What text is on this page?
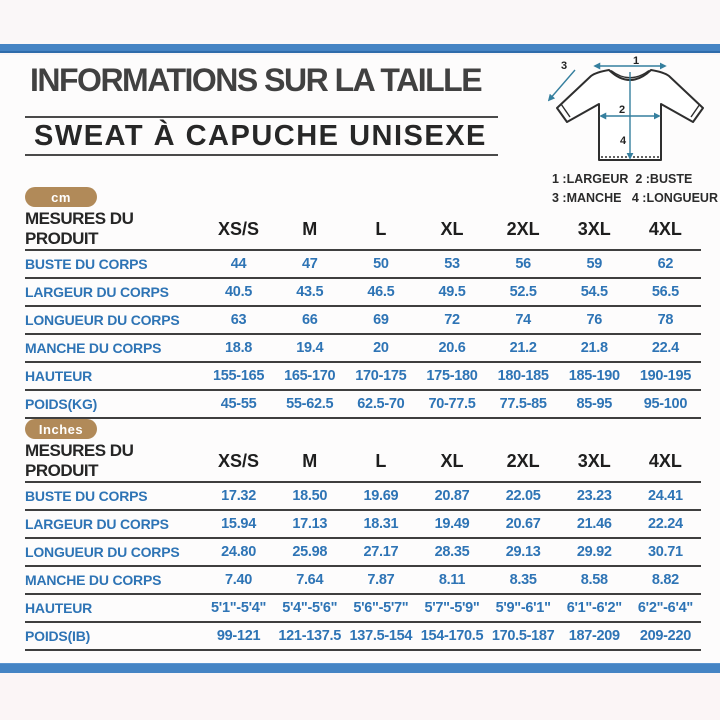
INFORMATIONS SUR LA TAILLE
SWEAT À CAPUCHE UNISEXE
1
2
3
4
1 :LARGEUR  2 :BUSTE
3 :MANCHE   4 :LONGUEUR
cm
MESURES DU PRODUIT	XS/S	M	L	XL	2XL	3XL	4XL
BUSTE DU CORPS	44	47	50	53	56	59	62
LARGEUR DU CORPS	40.5	43.5	46.5	49.5	52.5	54.5	56.5
LONGUEUR DU CORPS	63	66	69	72	74	76	78
MANCHE DU CORPS	18.8	19.4	20	20.6	21.2	21.8	22.4
HAUTEUR	155-165	165-170	170-175	175-180	180-185	185-190	190-195
POIDS(KG)	45-55	55-62.5	62.5-70	70-77.5	77.5-85	85-95	95-100
Inches
MESURES DU PRODUIT	XS/S	M	L	XL	2XL	3XL	4XL
BUSTE DU CORPS	17.32	18.50	19.69	20.87	22.05	23.23	24.41
LARGEUR DU CORPS	15.94	17.13	18.31	19.49	20.67	21.46	22.24
LONGUEUR DU CORPS	24.80	25.98	27.17	28.35	29.13	29.92	30.71
MANCHE DU CORPS	7.40	7.64	7.87	8.11	8.35	8.58	8.82
HAUTEUR	5'1"-5'4"	5'4"-5'6"	5'6"-5'7"	5'7"-5'9"	5'9"-6'1"	6'1"-6'2"	6'2"-6'4"
POIDS(IB)	99-121	121-137.5	137.5-154	154-170.5	170.5-187	187-209	209-220
